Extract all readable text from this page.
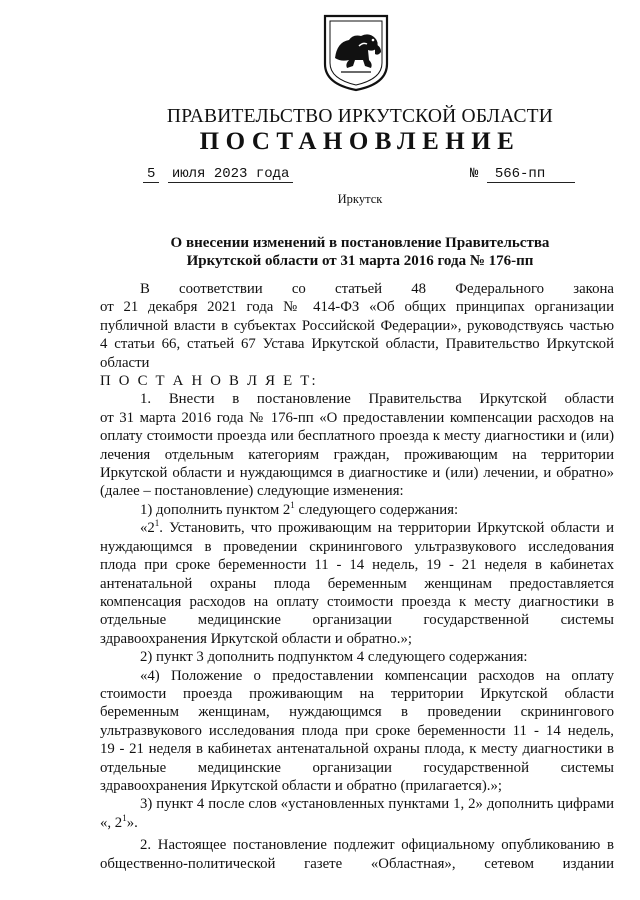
ПРАВИТЕЛЬСТВО ИРКУТСКОЙ ОБЛАСТИ
ПОСТАНОВЛЕНИЕ
5 июля 2023 года	№ 566-пп
Иркутск
О внесении изменений в постановление Правительства
Иркутской области от 31 марта 2016 года № 176-пп

В соответствии со статьей 48 Федерального закона

от 21 декабря 2021 года № 414-ФЗ «Об общих принципах организации

публичной власти в субъектах Российской Федерации», руководствуясь частью

4 статьи 66, статьей 67 Устава Иркутской области, Правительство Иркутской

области

П О С Т А Н О В Л Я Е Т:

1. Внести в постановление Правительства Иркутской области

от 31 марта 2016 года № 176-пп «О предоставлении компенсации расходов на

оплату стоимости проезда или бесплатного проезда к месту диагностики и (или)

лечения отдельным категориям граждан, проживающим на территории

Иркутской области и нуждающимся в диагностике и (или) лечении, и обратно»

(далее – постановление) следующие изменения:

1) дополнить пунктом $2^1$ следующего содержания:

«$2^1$. Установить, что проживающим на территории Иркутской области и

нуждающимся в проведении скринингового ультразвукового исследования

плода при сроке беременности 11 - 14 недель, 19 - 21 неделя в кабинетах

антенатальной охраны плода беременным женщинам предоставляется

компенсация расходов на оплату стоимости проезда к месту диагностики в

отдельные медицинские организации государственной системы

здравоохранения Иркутской области и обратно.»;

2) пункт 3 дополнить подпунктом 4 следующего содержания:

«4) Положение о предоставлении компенсации расходов на оплату

стоимости проезда проживающим на территории Иркутской области

беременным женщинам, нуждающимся в проведении скринингового

ультразвукового исследования плода при сроке беременности 11 - 14 недель,

19 - 21 неделя в кабинетах антенатальной охраны плода, к месту диагностики в

отдельные медицинские организации государственной системы

здравоохранения Иркутской области и обратно (прилагается).»;

3) пункт 4 после слов «установленных пунктами 1, 2» дополнить цифрами

«, $2^1$».

2. Настоящее постановление подлежит официальному опубликованию в

общественно-политической газете «Областная», сетевом издании
